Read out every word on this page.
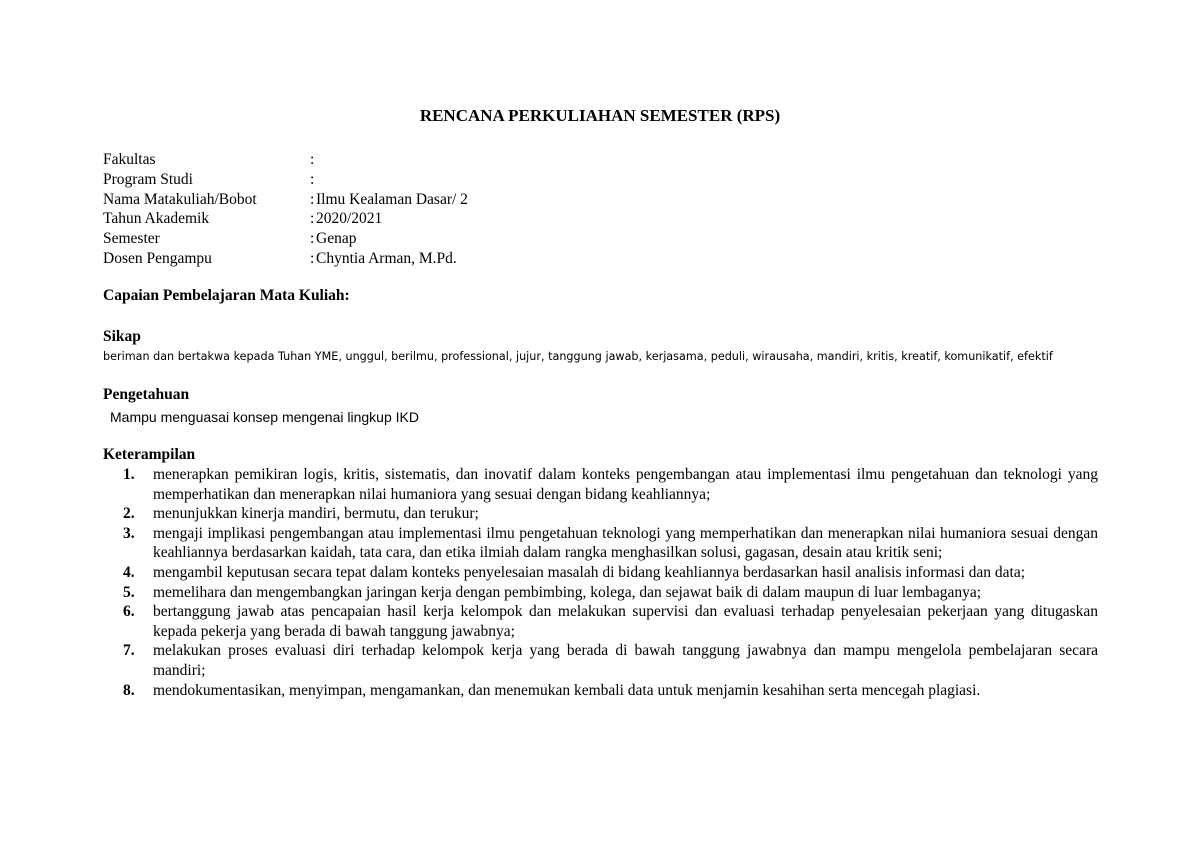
RENCANA PERKULIAHAN SEMESTER (RPS)
Fakultas	:
Program Studi	:
Nama Matakuliah/Bobot	: Ilmu Kealaman Dasar/ 2
Tahun Akademik	: 2020/2021
Semester	: Genap
Dosen Pengampu	: Chyntia Arman, M.Pd.
Capaian Pembelajaran Mata Kuliah:
Sikap
beriman dan bertakwa kepada Tuhan YME, unggul, berilmu, professional, jujur, tanggung jawab, kerjasama, peduli, wirausaha, mandiri, kritis, kreatif, komunikatif, efektif
Pengetahuan
Mampu menguasai konsep mengenai lingkup IKD
Keterampilan
1. menerapkan pemikiran logis, kritis, sistematis, dan inovatif dalam konteks pengembangan atau implementasi ilmu pengetahuan dan teknologi yang memperhatikan dan menerapkan nilai humaniora yang sesuai dengan bidang keahliannya;
2. menunjukkan kinerja mandiri, bermutu, dan terukur;
3. mengaji implikasi pengembangan atau implementasi ilmu pengetahuan teknologi yang memperhatikan dan menerapkan nilai humaniora sesuai dengan keahliannya berdasarkan kaidah, tata cara, dan etika ilmiah dalam rangka menghasilkan solusi, gagasan, desain atau kritik seni;
4. mengambil keputusan secara tepat dalam konteks penyelesaian masalah di bidang keahliannya berdasarkan hasil analisis informasi dan data;
5. memelihara dan mengembangkan jaringan kerja dengan pembimbing, kolega, dan sejawat baik di dalam maupun di luar lembaganya;
6. bertanggung jawab atas pencapaian hasil kerja kelompok dan melakukan supervisi dan evaluasi terhadap penyelesaian pekerjaan yang ditugaskan kepada pekerja yang berada di bawah tanggung jawabnya;
7. melakukan proses evaluasi diri terhadap kelompok kerja yang berada di bawah tanggung jawabnya dan mampu mengelola pembelajaran secara mandiri;
8. mendokumentasikan, menyimpan, mengamankan, dan menemukan kembali data untuk menjamin kesahihan serta mencegah plagiasi.
